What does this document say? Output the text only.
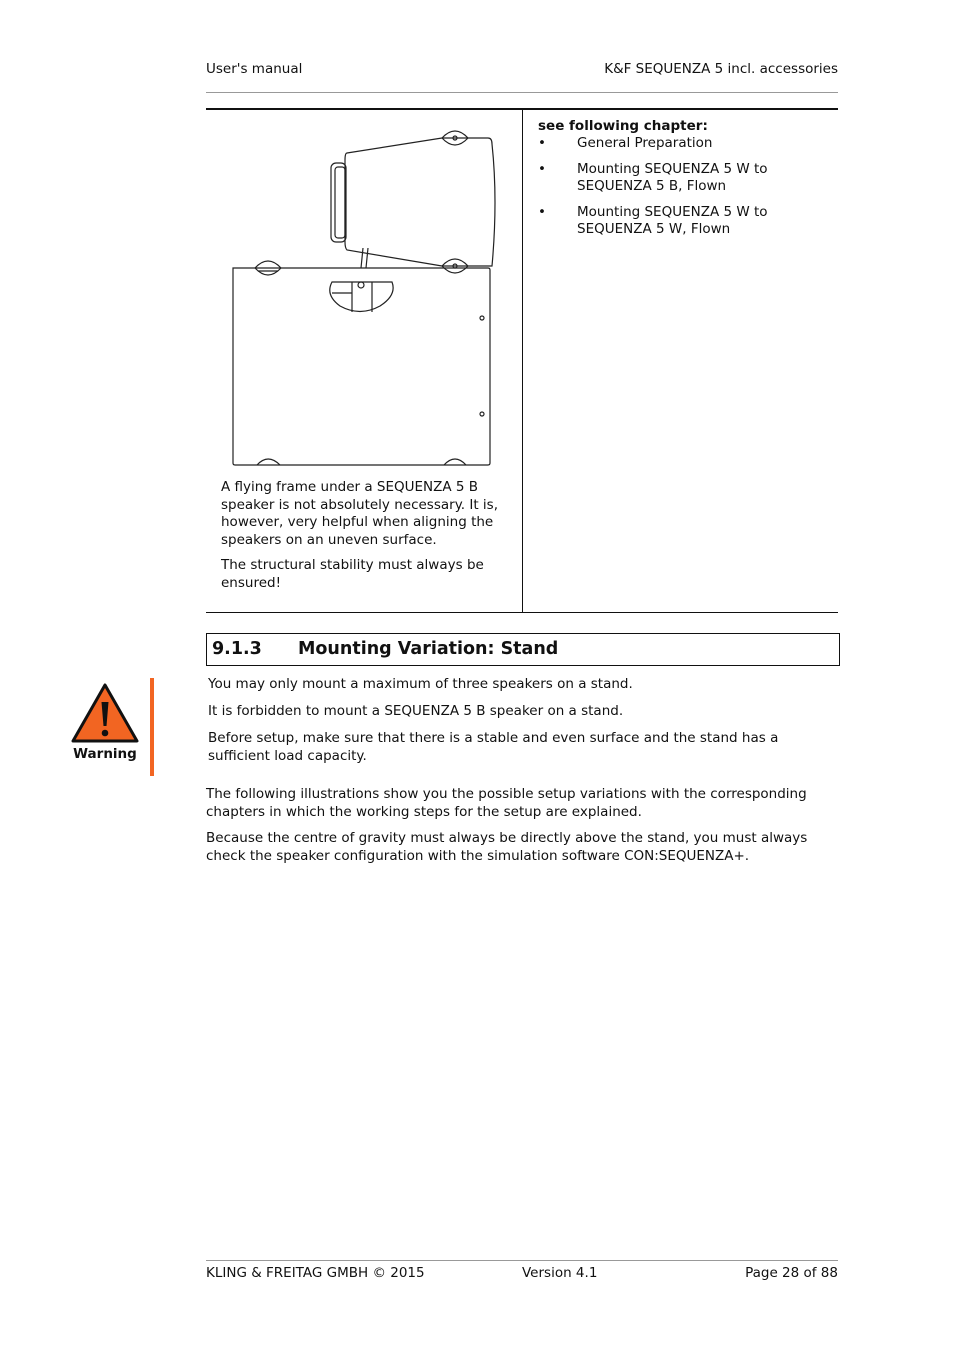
User's manual	K&F SEQUENZA 5 incl. accessories
A flying frame under a SEQUENZA 5 B speaker is not absolutely necessary. It is, however, very helpful when aligning the speakers on an uneven surface.
The structural stability must always be ensured!
see following chapter:
• General Preparation
• Mounting SEQUENZA 5 W to SEQUENZA 5 B, Flown
• Mounting SEQUENZA 5 W to SEQUENZA 5 W, Flown
9.1.3 Mounting Variation: Stand
Warning
You may only mount a maximum of three speakers on a stand.
It is forbidden to mount a SEQUENZA 5 B speaker on a stand.
Before setup, make sure that there is a stable and even surface and the stand has a sufficient load capacity.
The following illustrations show you the possible setup variations with the corresponding chapters in which the working steps for the setup are explained.
Because the centre of gravity must always be directly above the stand, you must always check the speaker configuration with the simulation software CON:SEQUENZA+.
KLING & FREITAG GMBH © 2015	Version 4.1	Page 28 of 88
